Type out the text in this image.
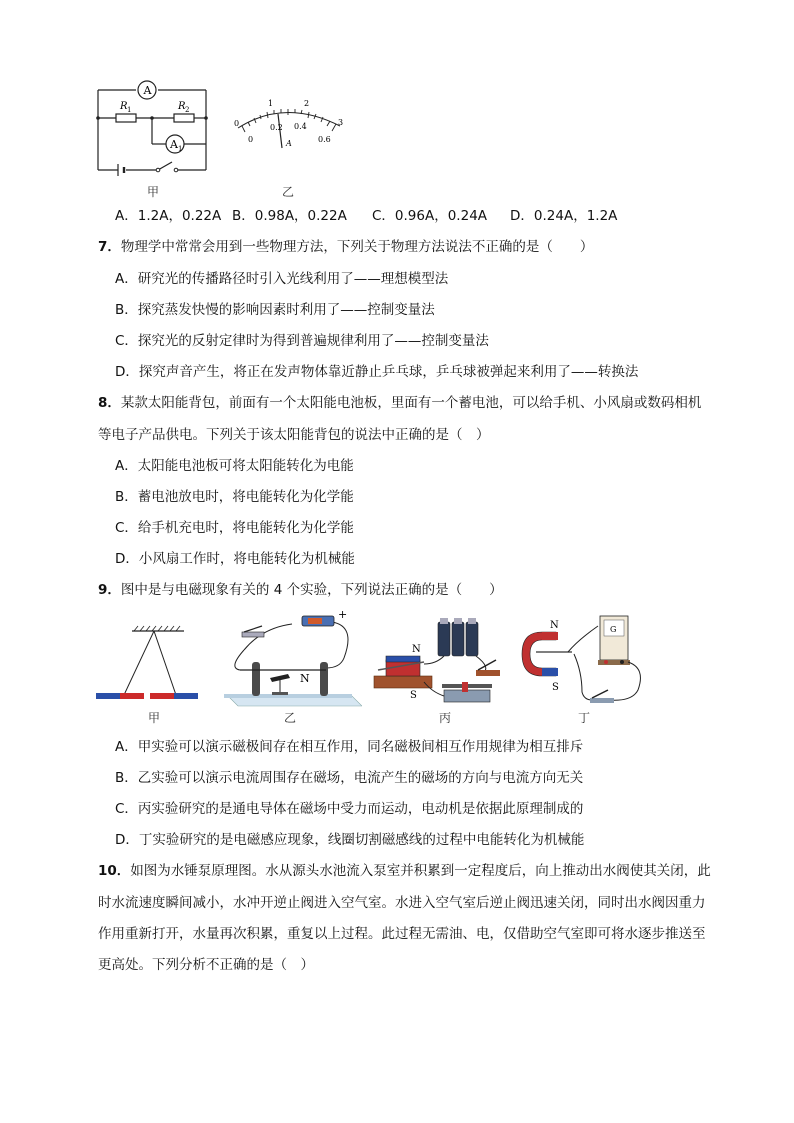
A
A 1
R 1	R 2
甲
0
1	2
3
0
0.2 0.4
0.6
A
乙
A．1.2A，0.22A B．0.98A，0.22A C．0.96A，0.24A D．0.24A，1.2A
7．物理学中常常会用到一些物理方法，下列关于物理方法说法不正确的是（　　）
A．研究光的传播路径时引入光线利用了——理想模型法
B．探究蒸发快慢的影响因素时利用了——控制变量法
C．探究光的反射定律时为得到普遍规律利用了——控制变量法
D．探究声音产生，将正在发声物体靠近静止乒乓球，乒乓球被弹起来利用了——转换法
8．某款太阳能背包，前面有一个太阳能电池板，里面有一个蓄电池，可以给手机、小风扇或数码相机
等电子产品供电。下列关于该太阳能背包的说法中正确的是（　）
A．太阳能电池板可将太阳能转化为电能
B．蓄电池放电时，将电能转化为化学能
C．给手机充电时，将电能转化为化学能
D．小风扇工作时，将电能转化为机械能
9．图中是与电磁现象有关的 4 个实验，下列说法正确的是（　　）
甲
+
N
乙
N
S
丙
N
S
G
丁
A．甲实验可以演示磁极间存在相互作用，同名磁极间相互作用规律为相互排斥
B．乙实验可以演示电流周围存在磁场，电流产生的磁场的方向与电流方向无关
C．丙实验研究的是通电导体在磁场中受力而运动，电动机是依据此原理制成的
D．丁实验研究的是电磁感应现象，线圈切割磁感线的过程中电能转化为机械能
10．如图为水锤泵原理图。水从源头水池流入泵室并积累到一定程度后，向上推动出水阀使其关闭，此
时水流速度瞬间减小，水冲开逆止阀进入空气室。水进入空气室后逆止阀迅速关闭，同时出水阀因重力
作用重新打开，水量再次积累，重复以上过程。此过程无需油、电，仅借助空气室即可将水逐步推送至
更高处。下列分析不正确的是（　）
